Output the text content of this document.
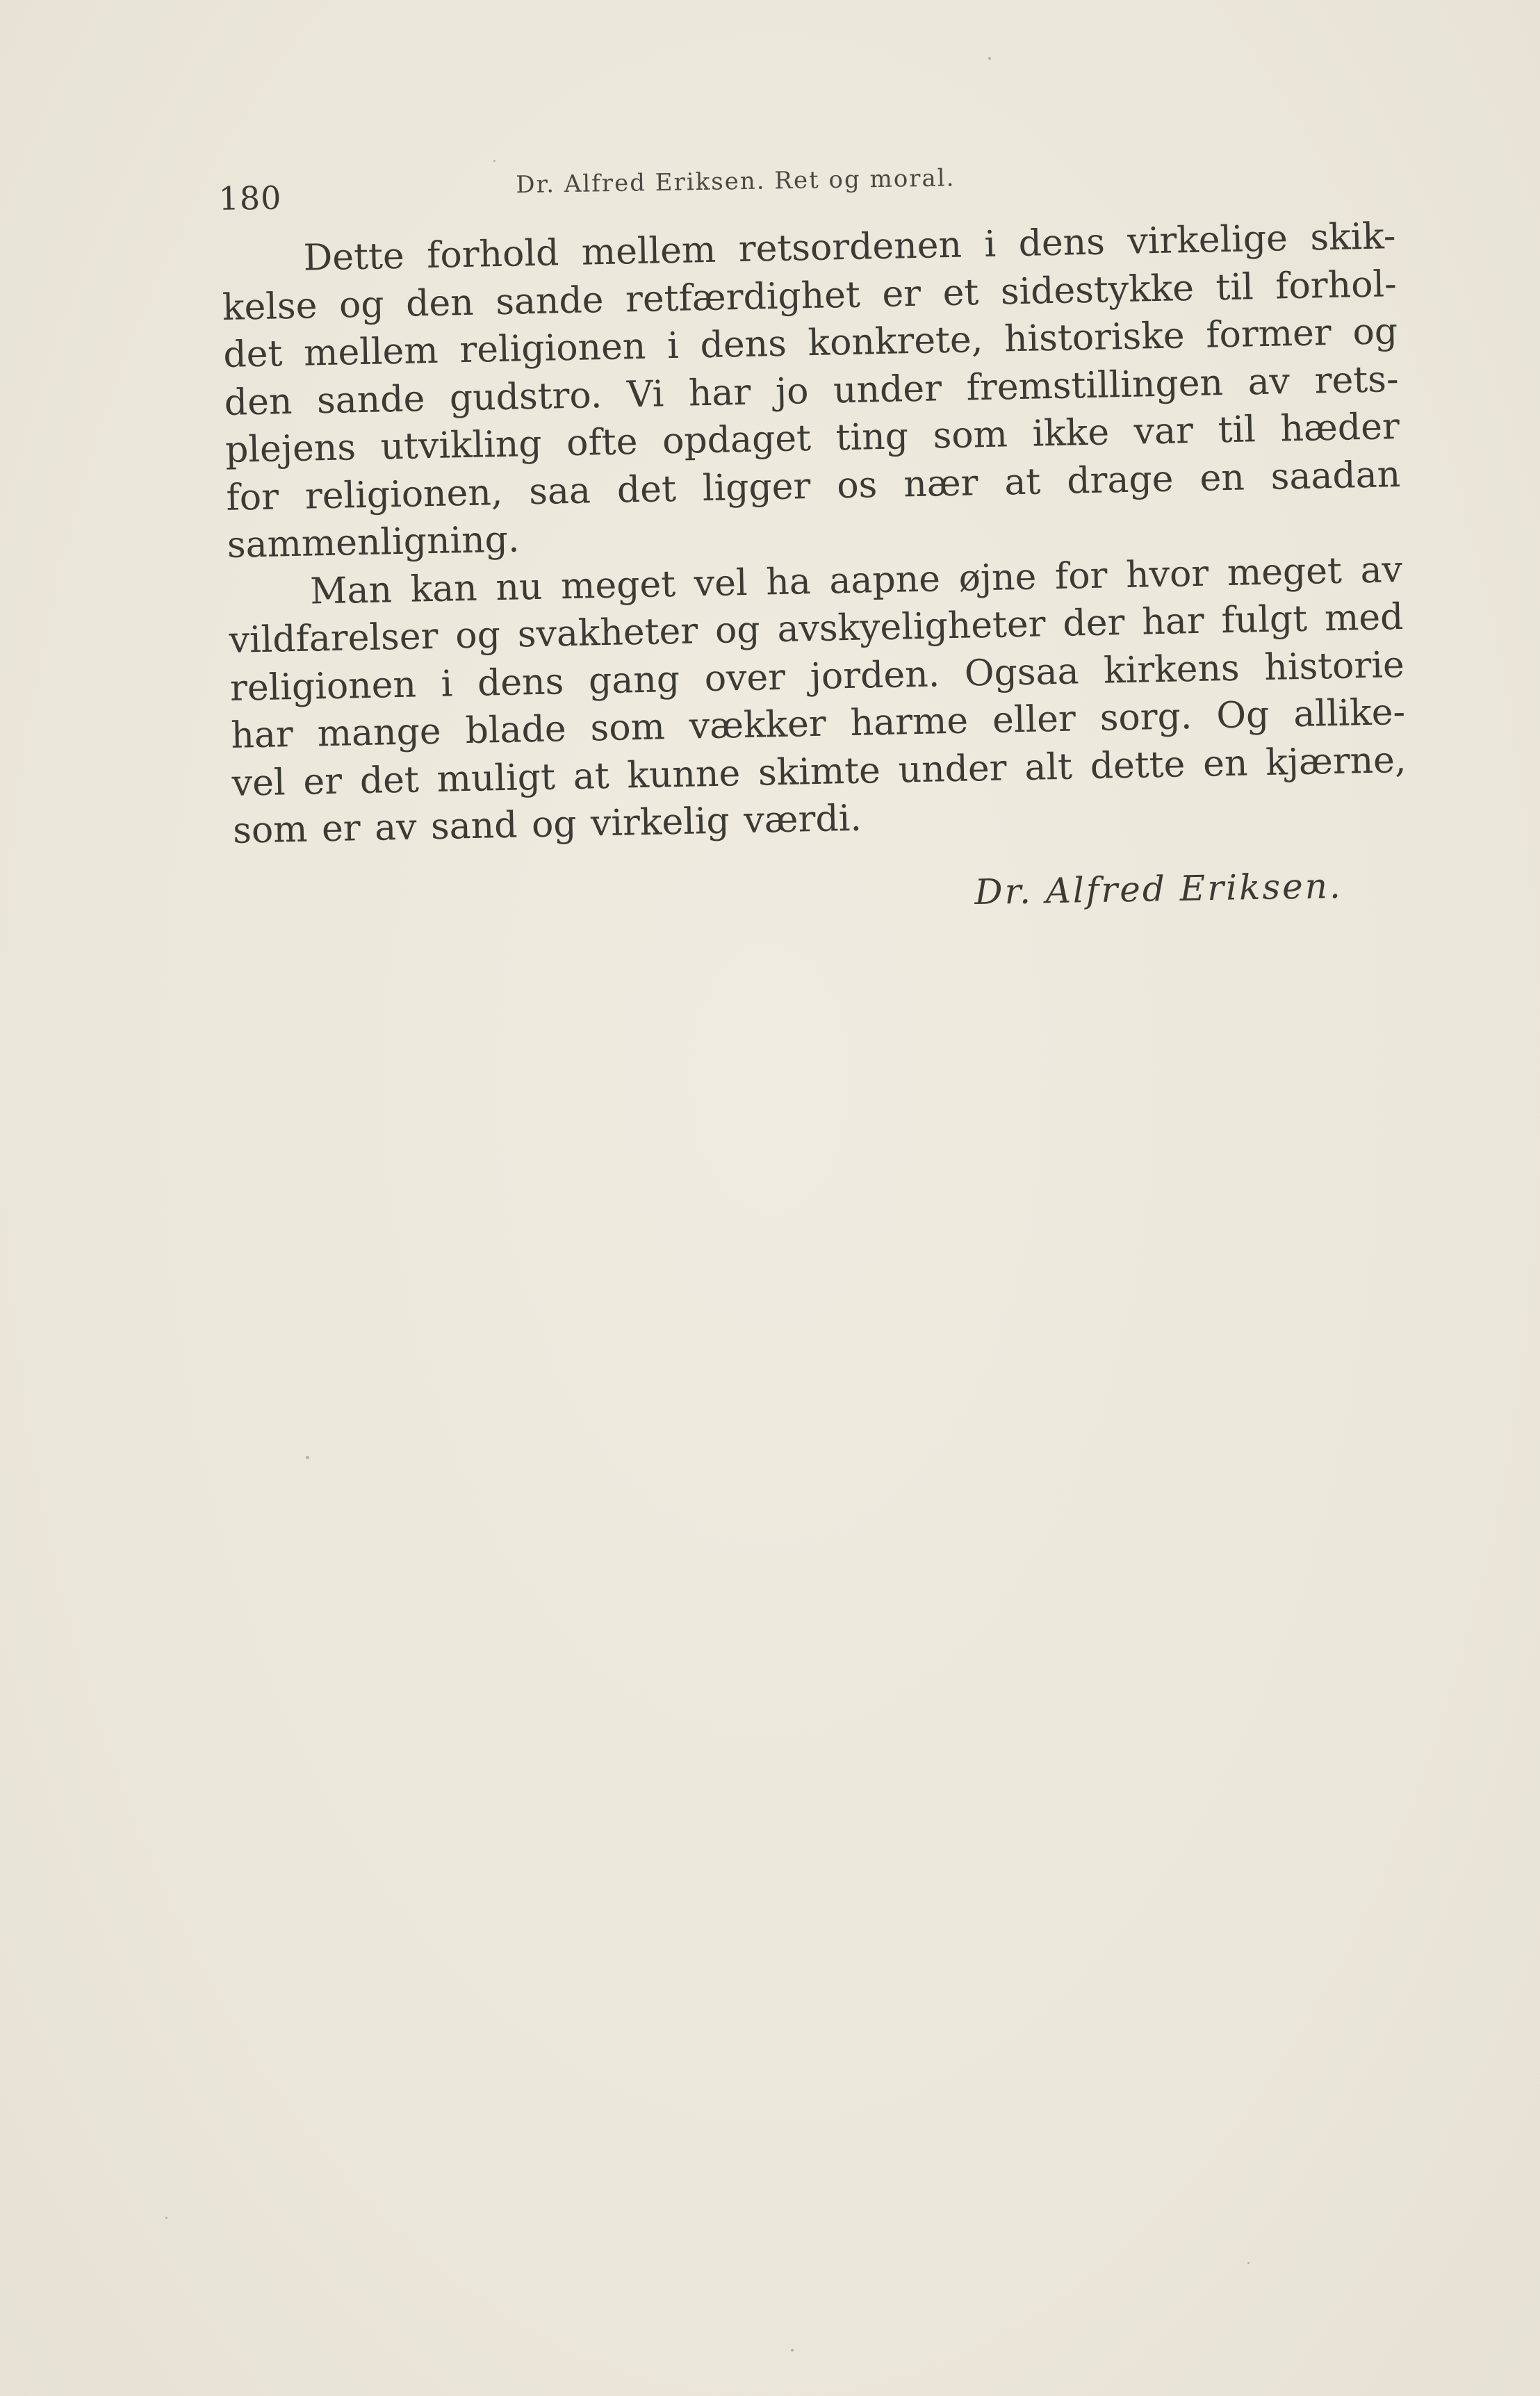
180	Dr. Alfred Eriksen. Ret og moral.
Dette forhold mellem retsordenen i dens virkelige skik-
kelse og den sande retfærdighet er et sidestykke til forhol-
det mellem religionen i dens konkrete, historiske former og
den sande gudstro. Vi har jo under fremstillingen av rets-
plejens utvikling ofte opdaget ting som ikke var til hæder
for religionen, saa det ligger os nær at drage en saadan
sammenligning.
Man kan nu meget vel ha aapne øjne for hvor meget av
vildfarelser og svakheter og avskyeligheter der har fulgt med
religionen i dens gang over jorden. Ogsaa kirkens historie
har mange blade som vækker harme eller sorg. Og allike-
vel er det muligt at kunne skimte under alt dette en kjærne,
som er av sand og virkelig værdi.
Dr. Alfred Eriksen.
